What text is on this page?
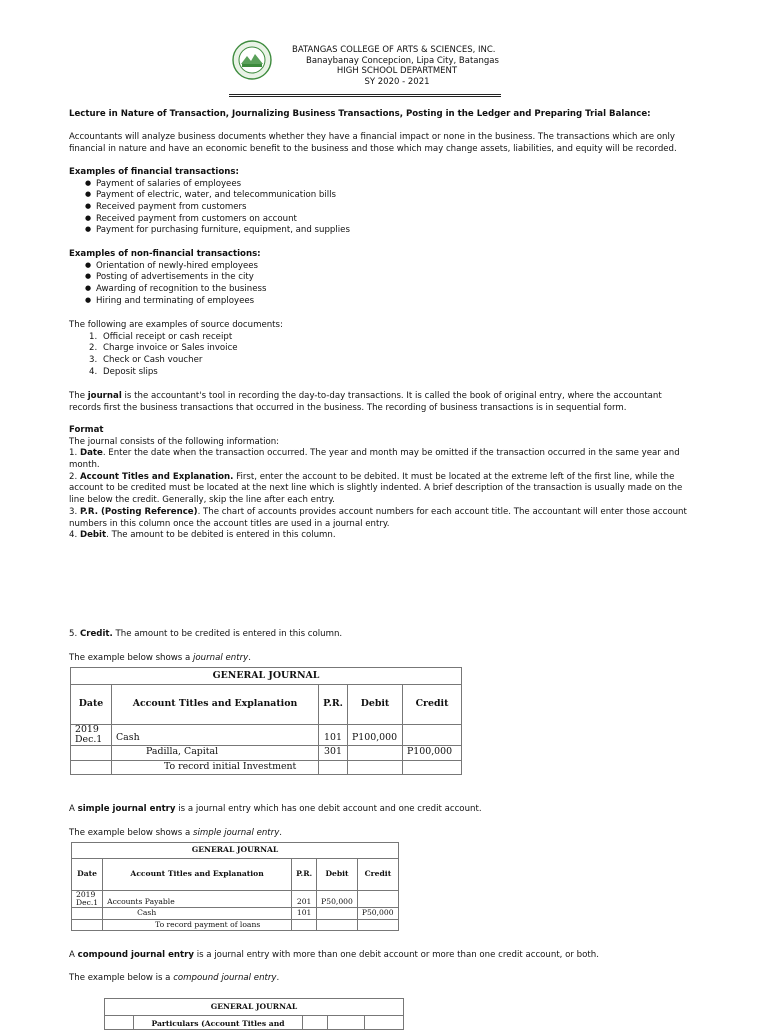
BATANGAS COLLEGE OF ARTS & SCIENCES, INC.
Banaybanay Concepcion, Lipa City, Batangas
HIGH SCHOOL DEPARTMENT
SY 2020 - 2021
Lecture in Nature of Transaction, Journalizing Business Transactions, Posting in the Ledger and Preparing Trial Balance:
Accountants will analyze business documents whether they have a financial impact or none in the business. The transactions which are only financial in nature and have an economic benefit to the business and those which may change assets, liabilities, and equity will be recorded.

Examples of financial transactions:

● Payment of salaries of employees
● Payment of electric, water, and telecommunication bills
● Received payment from customers
● Received payment from customers on account
● Payment for purchasing furniture, equipment, and supplies

Examples of non-financial transactions:

● Orientation of newly-hired employees
● Posting of advertisements in the city
● Awarding of recognition to the business
● Hiring and terminating of employees

The following are examples of source documents:

1. Official receipt or cash receipt
2. Charge invoice or Sales invoice
3. Check or Cash voucher
4. Deposit slips
The journal is the accountant's tool in recording the day-to-day transactions. It is called the book of original entry, where the accountant records first the business transactions that occurred in the business. The recording of business transactions is in sequential form.

Format

The journal consists of the following information:

1. Date. Enter the date when the transaction occurred. The year and month may be omitted if the transaction occurred in the same year and month.

2. Account Titles and Explanation. First, enter the account to be debited. It must be located at the extreme left of the first line, while the account to be credited must be located at the next line which is slightly indented. A brief description of the transaction is usually made on the line below the credit. Generally, skip the line after each entry.

3. P.R. (Posting Reference). The chart of accounts provides account numbers for each account title. The accountant will enter those account numbers in this column once the account titles are used in a journal entry.

4. Debit. The amount to be debited is entered in this column.

5. Credit. The amount to be credited is entered in this column.
The example below shows a journal entry.
GENERAL JOURNAL				
Date	Account Titles and Explanation	P.R.	Debit	Credit
2019
Dec.1	Cash	101	P100,000	
	Padilla, Capital	301		P100,000
	To record initial Investment			
A simple journal entry is a journal entry which has one debit account and one credit account.
The example below shows a simple journal entry.
GENERAL JOURNAL				
Date	Account Titles and Explanation	P.R.	Debit	Credit
2019
Dec.1	Accounts Payable	201	P50,000	
	Cash	101		P50,000
	To record payment of loans			
A compound journal entry is a journal entry with more than one debit account or more than one credit account, or both.
The example below is a compound journal entry.
GENERAL JOURNAL
	Particulars (Account Titles and			
